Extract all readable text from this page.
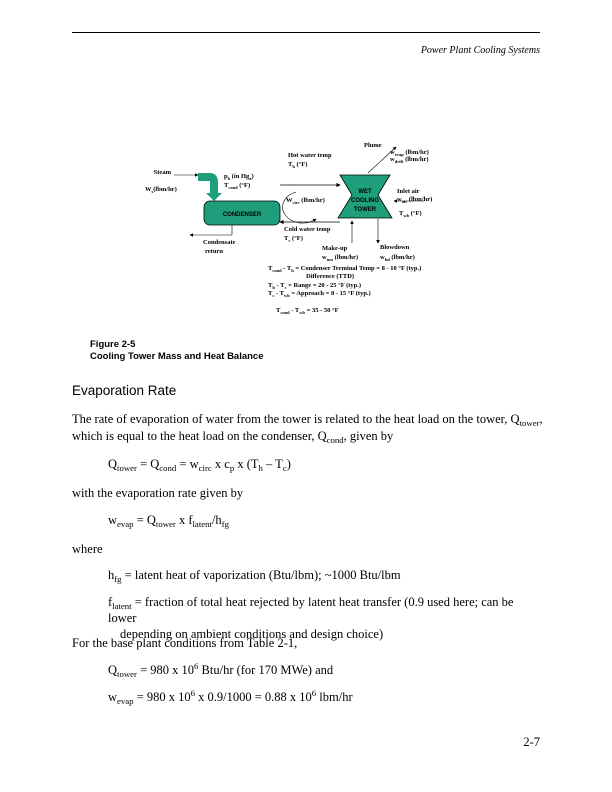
Power Plant Cooling Systems
CONDENSER
WET
COOLING
TOWER
Steam
$W_s(lbm/hr)$
$p_b$ (in $Hg_a$)
$T_{cond}$ (°F)
Condensate
return
Hot water temp
$T_h$ (°F)
$W_{circ}$ (lbm/hr)
Cold water temp
$T_c$ (°F)
Plume
$w_{evap}$ (lbm/hr)
$w_{drift}$ (lbm/hr)
Inlet air
$w_{air}$ (lbm/hr)
$T_{wb}$ (°F)
Make-up
$w_{mu}$ (lbm/hr)
Blowdown
$w_{bd}$ (lbm/hr)
$T_{cond} - T_h$ = Condenser Terminal Temp = 8 - 10 °F (typ.)
Difference (TTD)
$T_h - T_c$ = Range = 20 - 25 °F (typ.)
$T_c - T_{wb}$ = Approach = 8 - 15 °F (typ.)
$T_{cond} - T_{wb} = 35 - 50$ °F
Figure 2-5
Cooling Tower Mass and Heat Balance
Evaporation Rate
The rate of evaporation of water from the tower is related to the heat load on the tower, $Q_{tower}$,
which is equal to the heat load on the condenser, $Q_{cond}$, given by
$Q_{tower} = Q_{cond} = w_{circ}$ x $c_p$ x $(T_h - T_c)$
with the evaporation rate given by
$w_{evap} = Q_{tower}$ x $f_{latent}/h_{fg}$
where
$h_{fg}$ = latent heat of vaporization (Btu/lbm); ~1000 Btu/lbm
$f_{latent}$ = fraction of total heat rejected by latent heat transfer (0.9 used here; can be lower
depending on ambient conditions and design choice)
For the base plant conditions from Table 2-1,
$Q_{tower} = 980$ x $10^6$ Btu/hr (for 170 MWe) and
$w_{evap} = 980$ x $10^6$ x 0.9/1000 = 0.88 x $10^6$ lbm/hr
2-7
